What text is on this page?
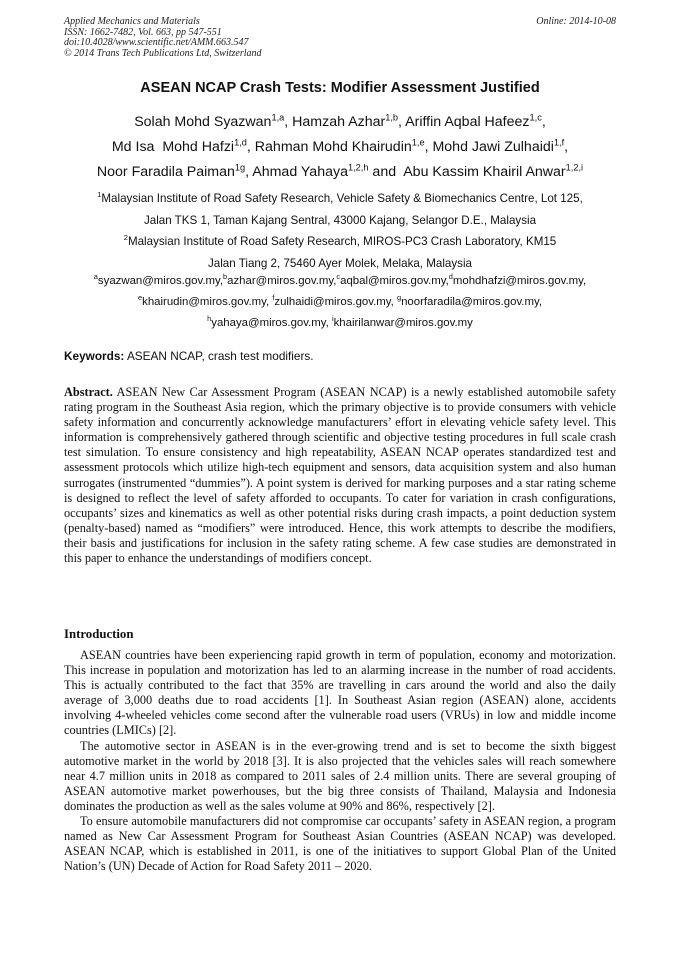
Applied Mechanics and Materials
ISSN: 1662-7482, Vol. 663, pp 547-551
doi:10.4028/www.scientific.net/AMM.663.547
© 2014 Trans Tech Publications Ltd, Switzerland
Online: 2014-10-08
ASEAN NCAP Crash Tests: Modifier Assessment Justified
Solah Mohd Syazwan$^{1,a}$, Hamzah Azhar$^{1,b}$, Ariffin Aqbal Hafeez$^{1,c}$,
Md Isa  Mohd Hafzi$^{1,d}$, Rahman Mohd Khairudin$^{1,e}$, Mohd Jawi Zulhaidi$^{1,f}$,
Noor Faradila Paiman$^{1g}$, Ahmad Yahaya$^{1,2,h}$ and  Abu Kassim Khairil Anwar$^{1,2,i}$
$^1$Malaysian Institute of Road Safety Research, Vehicle Safety & Biomechanics Centre, Lot 125,
Jalan TKS 1, Taman Kajang Sentral, 43000 Kajang, Selangor D.E., Malaysia
$^2$Malaysian Institute of Road Safety Research, MIROS-PC3 Crash Laboratory, KM15
Jalan Tiang 2, 75460 Ayer Molek, Melaka, Malaysia
$^a$syazwan@miros.gov.my,$^b$azhar@miros.gov.my,$^c$aqbal@miros.gov.my,$^d$mohdhafzi@miros.gov.my,
$^e$khairudin@miros.gov.my, $^f$zulhaidi@miros.gov.my, $^g$noorfaradila@miros.gov.my,
$^h$yahaya@miros.gov.my, $^i$khairilanwar@miros.gov.my
Keywords: ASEAN NCAP, crash test modifiers.
Abstract. ASEAN New Car Assessment Program (ASEAN NCAP) is a newly established automobile safety rating program in the Southeast Asia region, which the primary objective is to provide consumers with vehicle safety information and concurrently acknowledge manufacturers’ effort in elevating vehicle safety level. This information is comprehensively gathered through scientific and objective testing procedures in full scale crash test simulation. To ensure consistency and high repeatability, ASEAN NCAP operates standardized test and assessment protocols which utilize high-tech equipment and sensors, data acquisition system and also human surrogates (instrumented “dummies”). A point system is derived for marking purposes and a star rating scheme is designed to reflect the level of safety afforded to occupants. To cater for variation in crash configurations, occupants’ sizes and kinematics as well as other potential risks during crash impacts, a point deduction system (penalty-based) named as “modifiers” were introduced. Hence, this work attempts to describe the modifiers, their basis and justifications for inclusion in the safety rating scheme. A few case studies are demonstrated in this paper to enhance the understandings of modifiers concept.
Introduction

ASEAN countries have been experiencing rapid growth in term of population, economy and motorization. This increase in population and motorization has led to an alarming increase in the number of road accidents. This is actually contributed to the fact that 35% are travelling in cars around the world and also the daily average of 3,000 deaths due to road accidents [1]. In Southeast Asian region (ASEAN) alone, accidents involving 4-wheeled vehicles come second after the vulnerable road users (VRUs) in low and middle income countries (LMICs) [2].

The automotive sector in ASEAN is in the ever-growing trend and is set to become the sixth biggest automotive market in the world by 2018 [3]. It is also projected that the vehicles sales will reach somewhere near 4.7 million units in 2018 as compared to 2011 sales of 2.4 million units. There are several grouping of ASEAN automotive market powerhouses, but the big three consists of Thailand, Malaysia and Indonesia dominates the production as well as the sales volume at 90% and 86%, respectively [2].

To ensure automobile manufacturers did not compromise car occupants’ safety in ASEAN region, a program named as New Car Assessment Program for Southeast Asian Countries (ASEAN NCAP) was developed. ASEAN NCAP, which is established in 2011, is one of the initiatives to support Global Plan of the United Nation’s (UN) Decade of Action for Road Safety 2011 – 2020.
